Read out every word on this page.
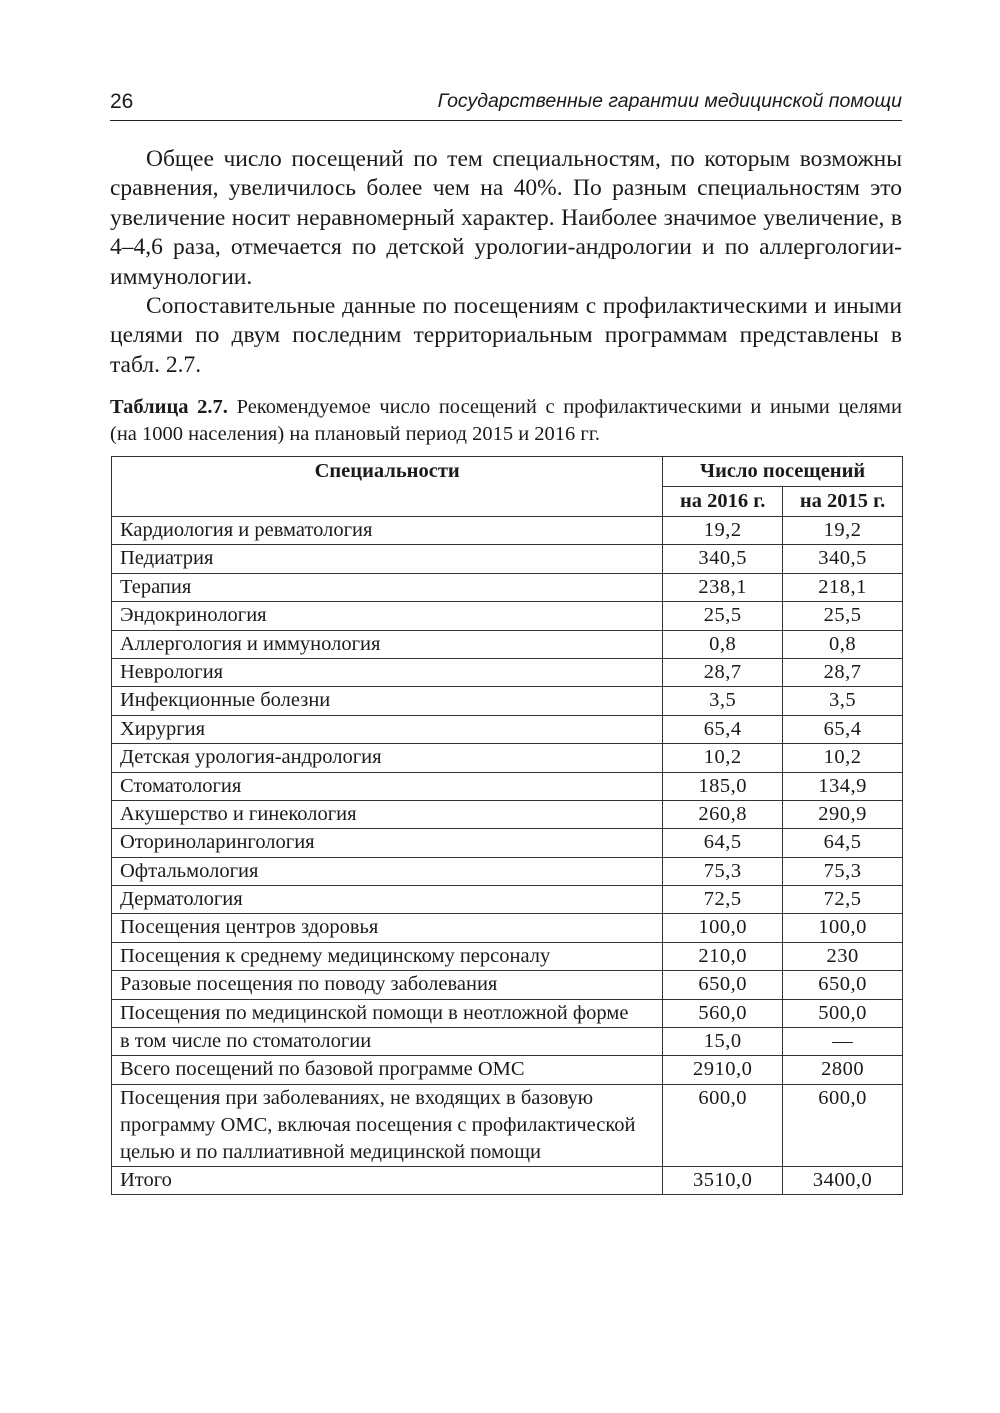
26	Государственные гарантии медицинской помощи

Общее число посещений по тем специальностям, по которым возможны сравнения, увеличилось более чем на 40%. По разным специальностям это увеличение носит неравномерный характер. Наиболее значимое увеличение, в 4–4,6 раза, отмечается по детской урологии-андрологии и по аллергологии-иммунологии.

Сопоставительные данные по посещениям с профилактическими и иными целями по двум последним территориальным программам представлены в табл. 2.7.

Таблица 2.7. Рекомендуемое число посещений с профилактическими и иными целями (на 1000 населения) на плановый период 2015 и 2016 гг.

Специальности	Число посещений	
	на 2016 г.	на 2015 г.
Кардиология и ревматология	19,2	19,2
Педиатрия	340,5	340,5
Терапия	238,1	218,1
Эндокринология	25,5	25,5
Аллергология и иммунология	0,8	0,8
Неврология	28,7	28,7
Инфекционные болезни	3,5	3,5
Хирургия	65,4	65,4
Детская урология-андрология	10,2	10,2
Стоматология	185,0	134,9
Акушерство и гинекология	260,8	290,9
Оториноларингология	64,5	64,5
Офтальмология	75,3	75,3
Дерматология	72,5	72,5
Посещения центров здоровья	100,0	100,0
Посещения к среднему медицинскому персоналу	210,0	230
Разовые посещения по поводу заболевания	650,0	650,0
Посещения по медицинской помощи в неотложной форме	560,0	500,0
в том числе по стоматологии	15,0	—
Всего посещений по базовой программе ОМС	2910,0	2800
Посещения при заболеваниях, не входящих в базовую программу ОМС, включая посещения с профилактической целью и по паллиативной медицинской помощи	600,0	600,0
Итого	3510,0	3400,0
